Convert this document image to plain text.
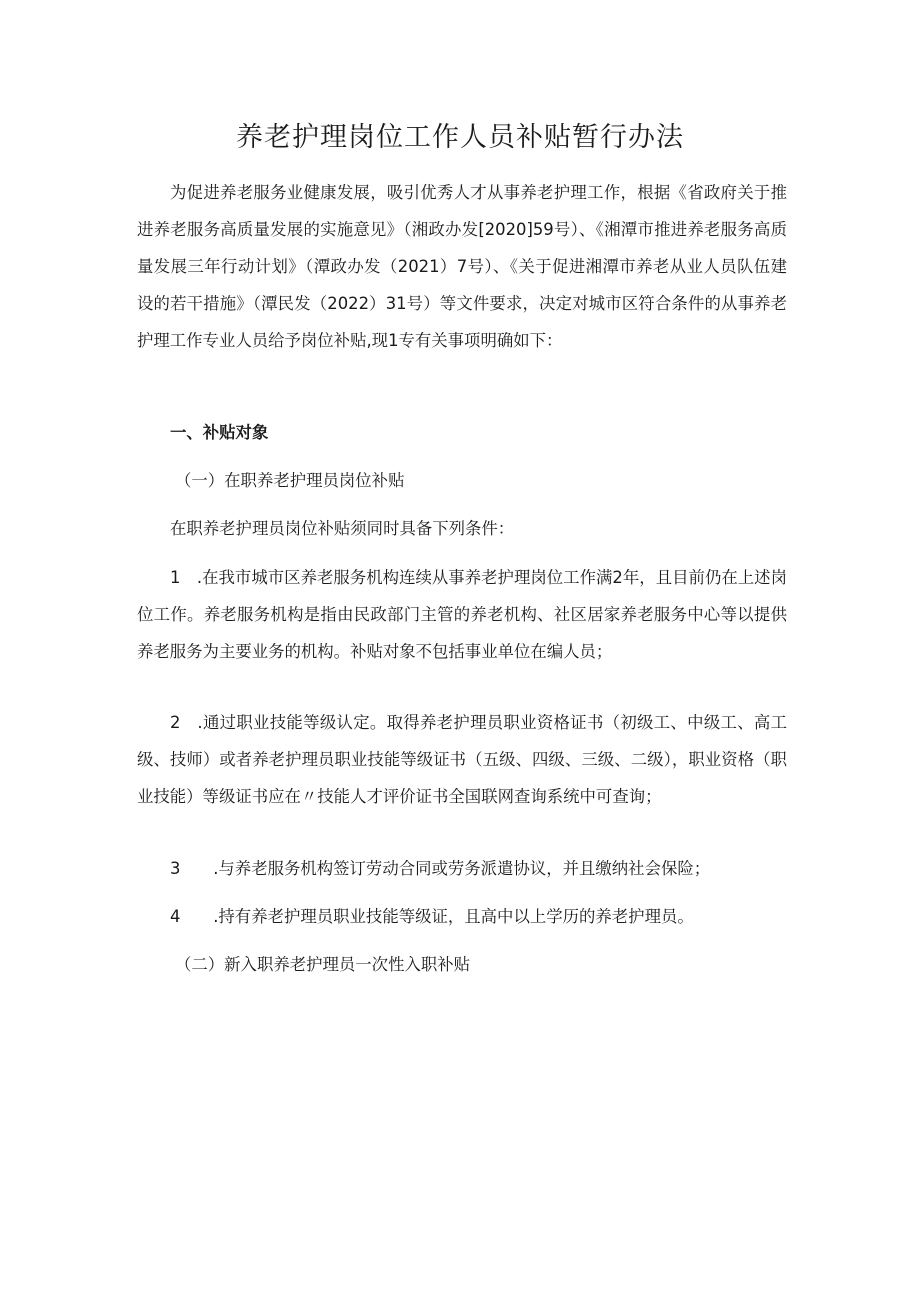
养老护理岗位工作人员补贴暂行办法

为促进养老服务业健康发展，吸引优秀人才从事养老护理工作，根据《省政府关于推进养老服务高质量发展的实施意见》（湘政办发[2020]59号）、《湘潭市推进养老服务高质量发展三年行动计划》（潭政办发（2021）7号）、《关于促进湘潭市养老从业人员队伍建设的若干措施》（潭民发（2022）31号）等文件要求，决定对城市区符合条件的从事养老护理工作专业人员给予岗位补贴,现1专有关事项明确如下：

一、补贴对象

（一）在职养老护理员岗位补贴

在职养老护理员岗位补贴须同时具备下列条件：

1　.在我市城市区养老服务机构连续从事养老护理岗位工作满2年，且目前仍在上述岗位工作。养老服务机构是指由民政部门主管的养老机构、社区居家养老服务中心等以提供养老服务为主要业务的机构。补贴对象不包括事业单位在编人员；

2　.通过职业技能等级认定。取得养老护理员职业资格证书（初级工、中级工、高工级、技师）或者养老护理员职业技能等级证书（五级、四级、三级、二级），职业资格（职业技能）等级证书应在〃技能人才评价证书全国联网查询系统中可查询；

3　　.与养老服务机构签订劳动合同或劳务派遣协议，并且缴纳社会保险；

4　　.持有养老护理员职业技能等级证，且高中以上学历的养老护理员。

（二）新入职养老护理员一次性入职补贴
